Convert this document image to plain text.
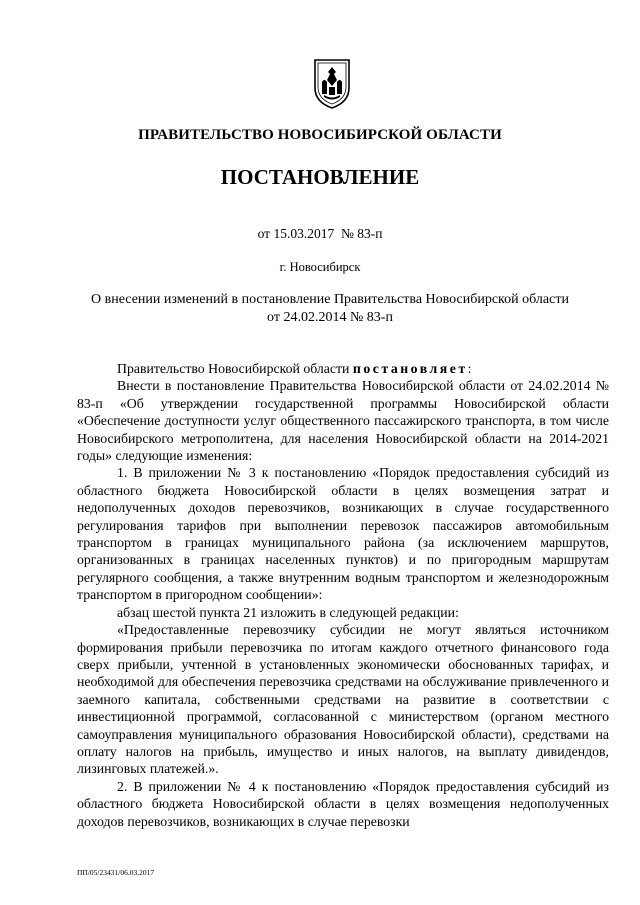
ПРАВИТЕЛЬСТВО НОВОСИБИРСКОЙ ОБЛАСТИ
ПОСТАНОВЛЕНИЕ
от 15.03.2017 № 83-п
г. Новосибирск
О внесении изменений в постановление Правительства Новосибирской области
от 24.02.2014 № 83-п

Правительство Новосибирской области постановляет:

Внести в постановление Правительства Новосибирской области от 24.02.2014 № 83-п «Об утверждении государственной программы Новосибирской области «Обеспечение доступности услуг общественного пассажирского транспорта, в том числе Новосибирского метрополитена, для населения Новосибирской области на 2014-2021 годы» следующие изменения:

1. В приложении № 3 к постановлению «Порядок предоставления субсидий из областного бюджета Новосибирской области в целях возмещения затрат и недополученных доходов перевозчиков, возникающих в случае государственного регулирования тарифов при выполнении перевозок пассажиров автомобильным транспортом в границах муниципального района (за исключением маршрутов, организованных в границах населенных пунктов) и по пригородным маршрутам регулярного сообщения, а также внутренним водным транспортом и железнодорожным транспортом в пригородном сообщении»:

абзац шестой пункта 21 изложить в следующей редакции:

«Предоставленные перевозчику субсидии не могут являться источником формирования прибыли перевозчика по итогам каждого отчетного финансового года сверх прибыли, учтенной в установленных экономически обоснованных тарифах, и необходимой для обеспечения перевозчика средствами на обслуживание привлеченного и заемного капитала, собственными средствами на развитие в соответствии с инвестиционной программой, согласованной с министерством (органом местного самоуправления муниципального образования Новосибирской области), средствами на оплату налогов на прибыль, имущество и иных налогов, на выплату дивидендов, лизинговых платежей.».

2. В приложении № 4 к постановлению «Порядок предоставления субсидий из областного бюджета Новосибирской области в целях возмещения недополученных доходов перевозчиков, возникающих в случае перевозки

ПП/05/23431/06.03.2017
